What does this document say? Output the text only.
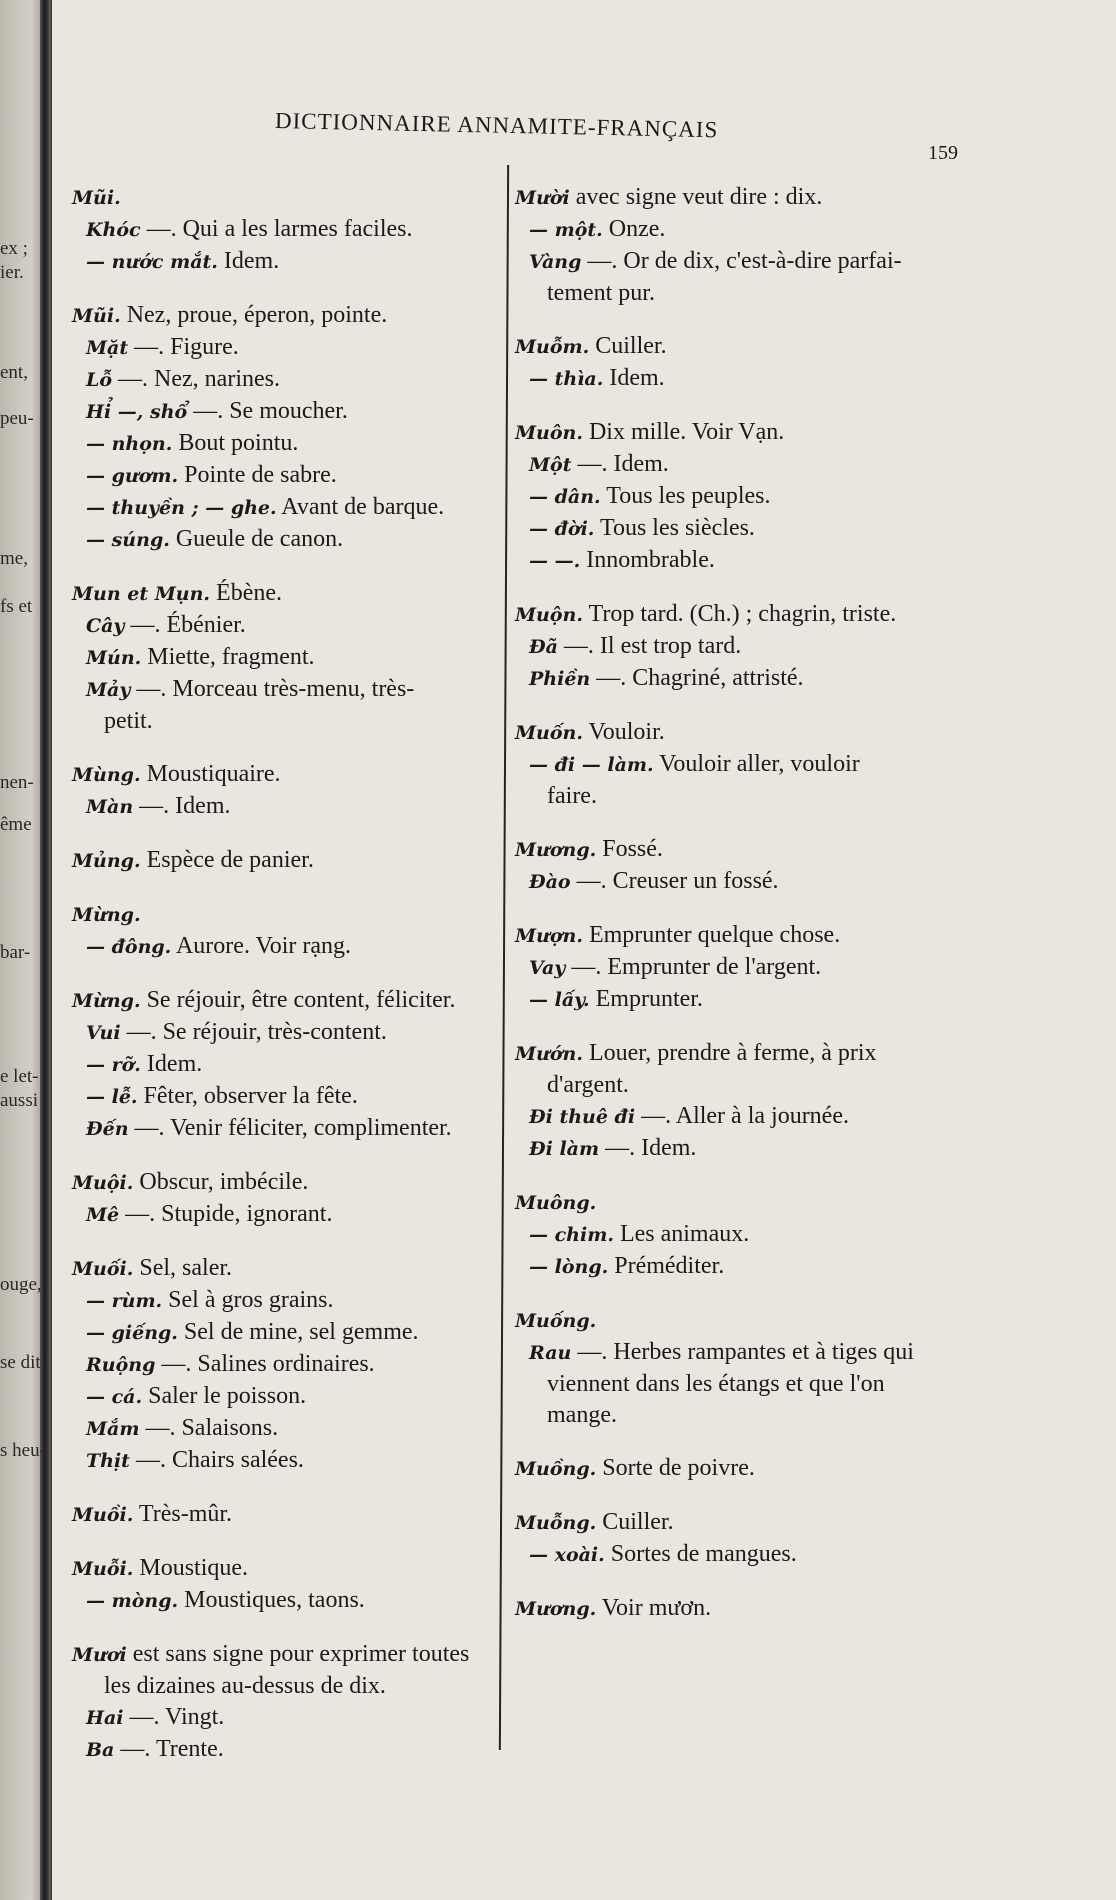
ex ;
ier.
ent,
peu-
me,
fs et
nen-
ême
bar-
e let-
aussi
ouge,
se dit
s heu-
DICTIONNAIRE ANNAMITE-FRANÇAIS
159
Mũi.
Khóc —. Qui a les larmes faciles.
— nước mắt. Idem.
Mũi. Nez, proue, éperon, pointe.
Mặt —. Figure.
Lỗ —. Nez, narines.
Hỉ —, shổ —. Se moucher.
— nhọn. Bout pointu.
— gươm. Pointe de sabre.
— thuyền ; — ghe. Avant de barque.
— súng. Gueule de canon.
Mun et Mụn. Ébène.
Cây —. Ébénier.
Mún. Miette, fragment.
Mảy —. Morceau très-menu, très-
petit.
Mùng. Moustiquaire.
Màn —. Idem.
Mủng. Espèce de panier.
Mừng.
— đông. Aurore. Voir rạng.
Mừng. Se réjouir, être content, féliciter.
Vui —. Se réjouir, très-content.
— rỡ. Idem.
— lễ. Fêter, observer la fête.
Đến —. Venir féliciter, complimenter.
Muội. Obscur, imbécile.
Mê —. Stupide, ignorant.
Muối. Sel, saler.
— rùm. Sel à gros grains.
— giếng. Sel de mine, sel gemme.
Ruộng —. Salines ordinaires.
— cá. Saler le poisson.
Mắm —. Salaisons.
Thịt —. Chairs salées.
Muồi. Très-mûr.
Muỗi. Moustique.
— mòng. Moustiques, taons.
Mươi est sans signe pour exprimer toutes
les dizaines au-dessus de dix.
Hai —. Vingt.
Ba —. Trente.
Mười avec signe veut dire : dix.
— một. Onze.
Vàng —. Or de dix, c'est-à-dire parfai-
tement pur.
Muỗm. Cuiller.
— thìa. Idem.
Muôn. Dix mille. Voir Vạn.
Một —. Idem.
— dân. Tous les peuples.
— đời. Tous les siècles.
— —. Innombrable.
Muộn. Trop tard. (Ch.) ; chagrin, triste.
Đã —. Il est trop tard.
Phiền —. Chagriné, attristé.
Muốn. Vouloir.
— đi — làm. Vouloir aller, vouloir
faire.
Mương. Fossé.
Đào —. Creuser un fossé.
Mượn. Emprunter quelque chose.
Vay —. Emprunter de l'argent.
— lấy. Emprunter.
Mướn. Louer, prendre à ferme, à prix
d'argent.
Đi thuê đi —. Aller à la journée.
Đi làm —. Idem.
Muông.
— chim. Les animaux.
— lòng. Préméditer.
Muống.
Rau —. Herbes rampantes et à tiges qui
viennent dans les étangs et que l'on
mange.
Muồng. Sorte de poivre.
Muỗng. Cuiller.
— xoài. Sortes de mangues.
Mương. Voir mươn.
